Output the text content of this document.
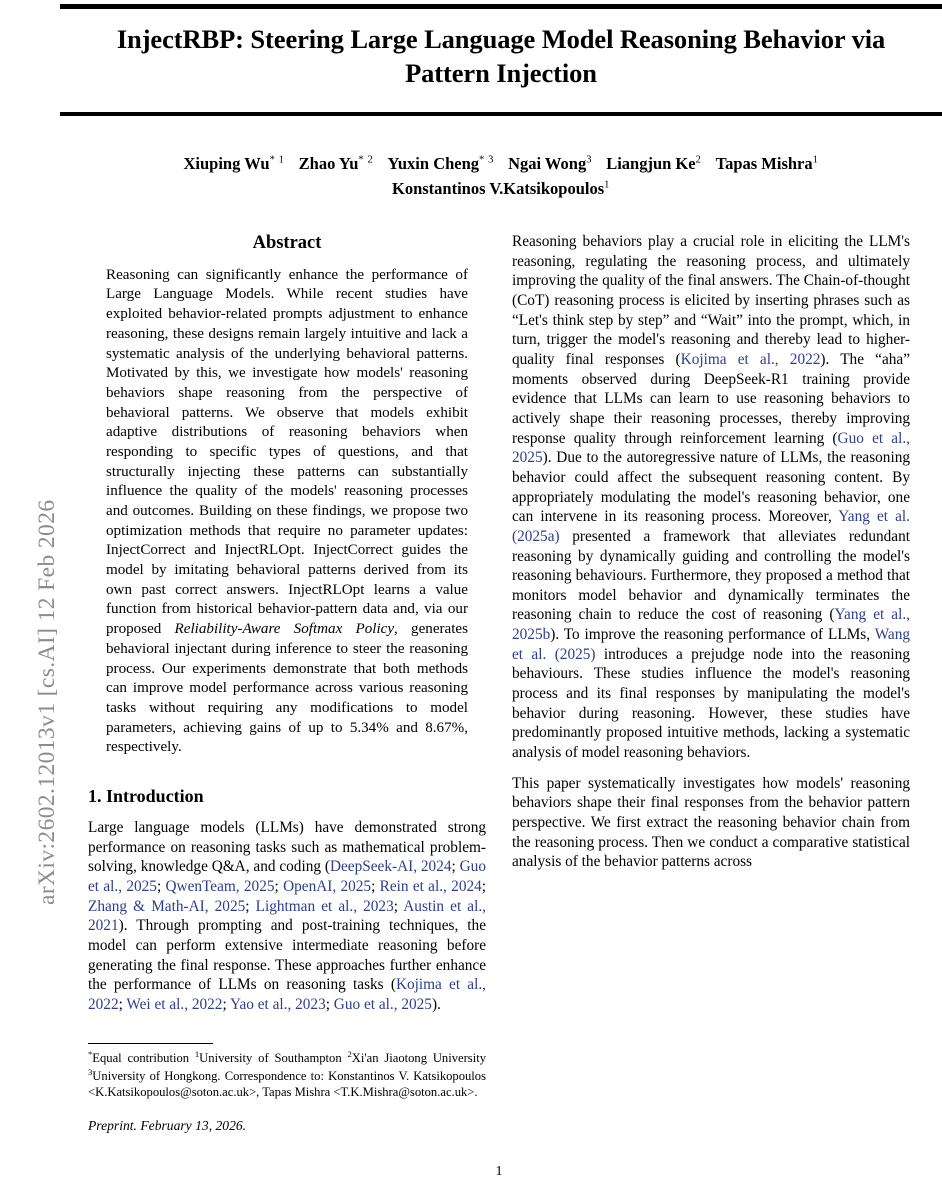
arXiv:2602.12013v1 [cs.AI] 12 Feb 2026
InjectRBP: Steering Large Language Model Reasoning Behavior via Pattern Injection
Xiuping Wu$^{* 1}$ Zhao Yu$^{* 2}$ Yuxin Cheng$^{* 3}$ Ngai Wong$^3$ Liangjun Ke$^2$ Tapas Mishra$^1$
Konstantinos V.Katsikopoulos$^1$
Abstract

Reasoning can significantly enhance the performance of Large Language Models. While recent studies have exploited behavior-related prompts adjustment to enhance reasoning, these designs remain largely intuitive and lack a systematic analysis of the underlying behavioral patterns. Motivated by this, we investigate how models' reasoning behaviors shape reasoning from the perspective of behavioral patterns. We observe that models exhibit adaptive distributions of reasoning behaviors when responding to specific types of questions, and that structurally injecting these patterns can substantially influence the quality of the models' reasoning processes and outcomes. Building on these findings, we propose two optimization methods that require no parameter updates: InjectCorrect and InjectRLOpt. InjectCorrect guides the model by imitating behavioral patterns derived from its own past correct answers. InjectRLOpt learns a value function from historical behavior-pattern data and, via our proposed Reliability-Aware Softmax Policy, generates behavioral injectant during inference to steer the reasoning process. Our experiments demonstrate that both methods can improve model performance across various reasoning tasks without requiring any modifications to model parameters, achieving gains of up to 5.34% and 8.67%, respectively.

1. Introduction

Large language models (LLMs) have demonstrated strong performance on reasoning tasks such as mathematical problem-solving, knowledge Q&A, and coding (DeepSeek-AI, 2024; Guo et al., 2025; QwenTeam, 2025; OpenAI, 2025; Rein et al., 2024; Zhang & Math-AI, 2025; Lightman et al., 2023; Austin et al., 2021). Through prompting and post-training techniques, the model can perform extensive intermediate reasoning before generating the final response. These approaches further enhance the performance of LLMs on reasoning tasks (Kojima et al., 2022; Wei et al., 2022; Yao et al., 2023; Guo et al., 2025).

Reasoning behaviors play a crucial role in eliciting the LLM's reasoning, regulating the reasoning process, and ultimately improving the quality of the final answers. The Chain-of-thought (CoT) reasoning process is elicited by inserting phrases such as “Let's think step by step” and “Wait” into the prompt, which, in turn, trigger the model's reasoning and thereby lead to higher-quality final responses (Kojima et al., 2022). The “aha” moments observed during DeepSeek-R1 training provide evidence that LLMs can learn to use reasoning behaviors to actively shape their reasoning processes, thereby improving response quality through reinforcement learning (Guo et al., 2025). Due to the autoregressive nature of LLMs, the reasoning behavior could affect the subsequent reasoning content. By appropriately modulating the model's reasoning behavior, one can intervene in its reasoning process. Moreover, Yang et al. (2025a) presented a framework that alleviates redundant reasoning by dynamically guiding and controlling the model's reasoning behaviours. Furthermore, they proposed a method that monitors model behavior and dynamically terminates the reasoning chain to reduce the cost of reasoning (Yang et al., 2025b). To improve the reasoning performance of LLMs, Wang et al. (2025) introduces a prejudge node into the reasoning behaviours. These studies influence the model's reasoning process and its final responses by manipulating the model's behavior during reasoning. However, these studies have predominantly proposed intuitive methods, lacking a systematic analysis of model reasoning behaviors.

This paper systematically investigates how models' reasoning behaviors shape their final responses from the behavior pattern perspective. We first extract the reasoning behavior chain from the reasoning process. Then we conduct a comparative statistical analysis of the behavior patterns across

*Equal contribution $^1$University of Southampton $^2$Xi'an Jiaotong University $^3$University of Hongkong. Correspondence to: Konstantinos V. Katsikopoulos <K.Katsikopoulos@soton.ac.uk>, Tapas Mishra <T.K.Mishra@soton.ac.uk>.

Preprint. February 13, 2026.
1
